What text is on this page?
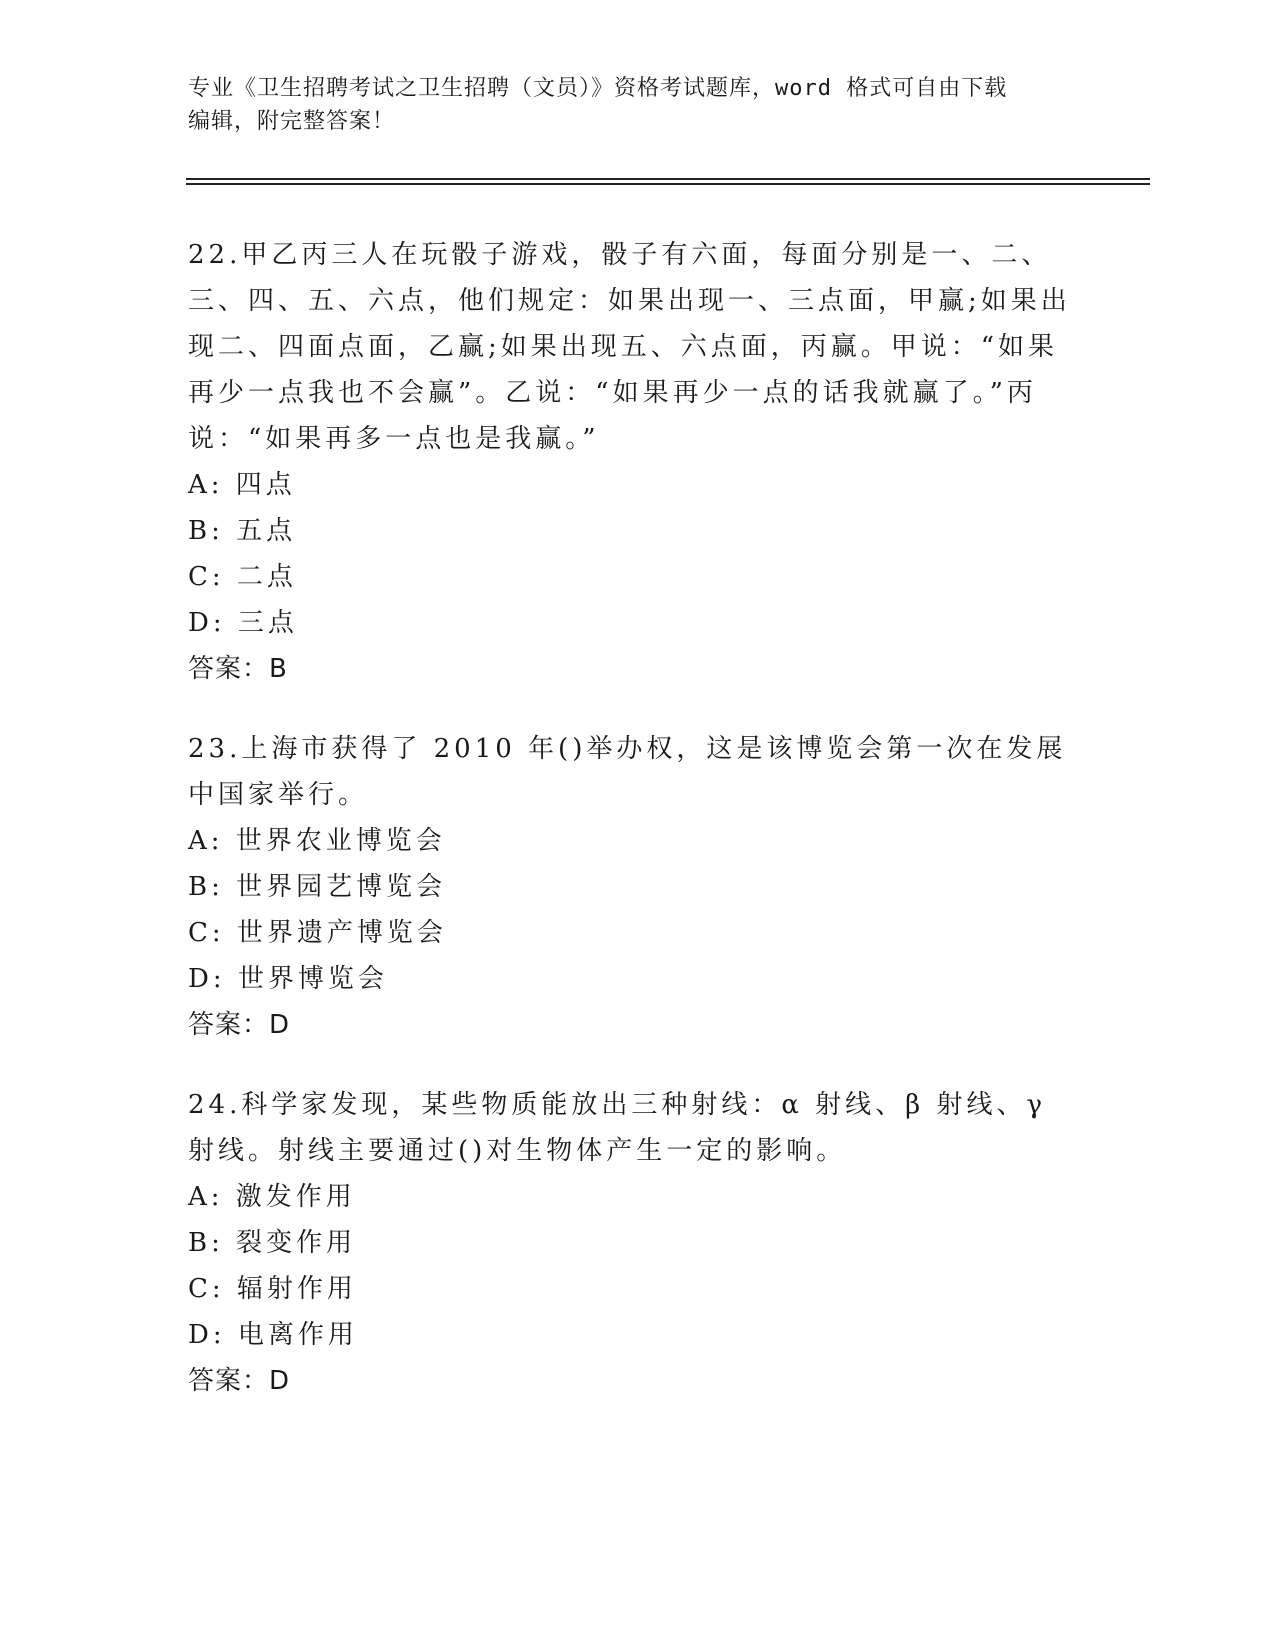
专业《卫生招聘考试之卫生招聘（文员）》资格考试题库，word 格式可自由下载
编辑，附完整答案！

22.甲乙丙三人在玩骰子游戏，骰子有六面，每面分别是一、二、三、四、五、六点，他们规定：如果出现一、三点面，甲赢;如果出现二、四面点面，乙赢;如果出现五、六点面，丙赢。甲说：“如果再少一点我也不会赢”。乙说：“如果再少一点的话我就赢了。”丙说：“如果再多一点也是我赢。”

A: 四点
B: 五点
C: 二点
D: 三点
答案：B

23.上海市获得了 2010 年()举办权，这是该博览会第一次在发展中国家举行。

A: 世界农业博览会
B: 世界园艺博览会
C: 世界遗产博览会
D: 世界博览会
答案：D

24.科学家发现，某些物质能放出三种射线：α 射线、β 射线、γ 射线。射线主要通过()对生物体产生一定的影响。

A: 激发作用
B: 裂变作用
C: 辐射作用
D: 电离作用
答案：D
